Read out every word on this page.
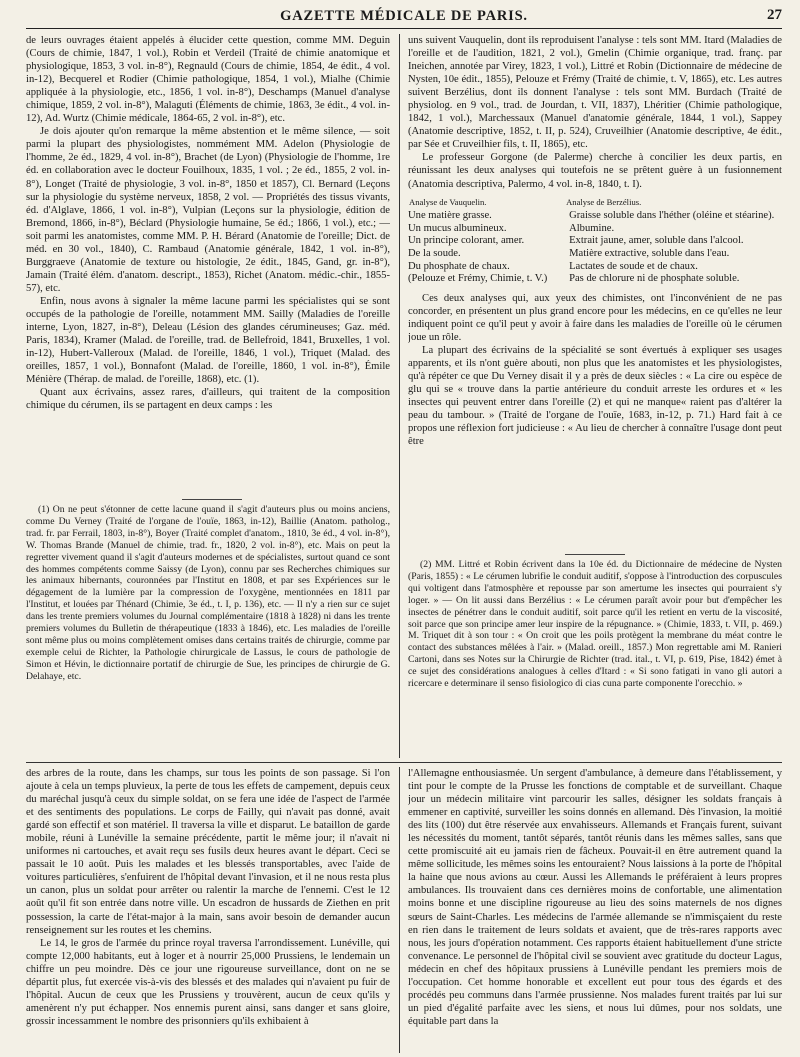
GAZETTE MÉDICALE DE PARIS.	27

de leurs ouvrages étaient appelés à élucider cette question, comme MM. Deguin (Cours de chimie, 1847, 1 vol.), Robin et Verdeil (Traité de chimie anatomique et physiologique, 1853, 3 vol. in-8°), Regnauld (Cours de chimie, 1854, 4e édit., 4 vol. in-12), Becquerel et Rodier (Chimie pathologique, 1854, 1 vol.), Mialhe (Chimie appliquée à la physiologie, etc., 1856, 1 vol. in-8°), Deschamps (Manuel d'analyse chimique, 1859, 2 vol. in-8°), Malaguti (Éléments de chimie, 1863, 3e édit., 4 vol. in-12), Ad. Wurtz (Chimie médicale, 1864-65, 2 vol. in-8°), etc.

Je dois ajouter qu'on remarque la même abstention et le même silence, — soit parmi la plupart des physiologistes, nommément MM. Adelon (Physiologie de l'homme, 2e éd., 1829, 4 vol. in-8°), Brachet (de Lyon) (Physiologie de l'homme, 1re éd. en collaboration avec le docteur Fouilhoux, 1835, 1 vol. ; 2e éd., 1855, 2 vol. in-8°), Longet (Traité de physiologie, 3 vol. in-8°, 1850 et 1857), Cl. Bernard (Leçons sur la physiologie du système nerveux, 1858, 2 vol. — Propriétés des tissus vivants, éd. d'Alglave, 1866, 1 vol. in-8°), Vulpian (Leçons sur la physiologie, édition de Bremond, 1866, in-8°), Béclard (Physiologie humaine, 5e éd.; 1866, 1 vol.), etc.; — soit parmi les anatomistes, comme MM. P. H. Bérard (Anatomie de l'oreille; Dict. de méd. en 30 vol., 1840), C. Rambaud (Anatomie générale, 1842, 1 vol. in-8°), Burggraeve (Anatomie de texture ou histologie, 2e édit., 1845, Gand, gr. in-8°), Jamain (Traité élém. d'anatom. descript., 1853), Richet (Anatom. médic.-chir., 1855-57), etc.

Enfin, nous avons à signaler la même lacune parmi les spécialistes qui se sont occupés de la pathologie de l'oreille, notamment MM. Sailly (Maladies de l'oreille interne, Lyon, 1827, in-8°), Deleau (Lésion des glandes cérumineuses; Gaz. méd. Paris, 1834), Kramer (Malad. de l'oreille, trad. de Bellefroid, 1841, Bruxelles, 1 vol. in-12), Hubert-Valleroux (Malad. de l'oreille, 1846, 1 vol.), Triquet (Malad. des oreilles, 1857, 1 vol.), Bonnafont (Malad. de l'oreille, 1860, 1 vol. in-8°), Émile Ménière (Thérap. de malad. de l'oreille, 1868), etc. (1).

Quant aux écrivains, assez rares, d'ailleurs, qui traitent de la composition chimique du cérumen, ils se partagent en deux camps : les

(1) On ne peut s'étonner de cette lacune quand il s'agit d'auteurs plus ou moins anciens, comme Du Verney (Traité de l'organe de l'ouïe, 1863, in-12), Baillie (Anatom. patholog., trad. fr. par Ferrail, 1803, in-8°), Boyer (Traité complet d'anatom., 1810, 3e éd., 4 vol. in-8°), W. Thomas Brande (Manuel de chimie, trad. fr., 1820, 2 vol. in-8°), etc. Mais on peut la regretter vivement quand il s'agit d'auteurs modernes et de spécialistes, surtout quand ce sont des hommes compétents comme Saissy (de Lyon), connu par ses Recherches chimiques sur les animaux hibernants, couronnées par l'Institut en 1808, et par ses Expériences sur le dégagement de la lumière par la compression de l'oxygène, mentionnées en 1811 par l'Institut, et louées par Thénard (Chimie, 3e éd., t. I, p. 136), etc. — Il n'y a rien sur ce sujet dans les trente premiers volumes du Journal complémentaire (1818 à 1828) ni dans les trente premiers volumes du Bulletin de thérapeutique (1833 à 1846), etc. Les maladies de l'oreille sont même plus ou moins complètement omises dans certains traités de chirurgie, comme par exemple celui de Richter, la Pathologie chirurgicale de Lassus, le cours de pathologie de Simon et Hévin, le dictionnaire portatif de chirurgie de Sue, les principes de chirurgie de G. Delahaye, etc.

uns suivent Vauquelin, dont ils reproduisent l'analyse : tels sont MM. Itard (Maladies de l'oreille et de l'audition, 1821, 2 vol.), Gmelin (Chimie organique, trad. franç. par Ineichen, annotée par Virey, 1823, 1 vol.), Littré et Robin (Dictionnaire de médecine de Nysten, 10e édit., 1855), Pelouze et Frémy (Traité de chimie, t. V, 1865), etc. Les autres suivent Berzélius, dont ils donnent l'analyse : tels sont MM. Burdach (Traité de physiolog. en 9 vol., trad. de Jourdan, t. VII, 1837), Lhéritier (Chimie pathologique, 1842, 1 vol.), Marchessaux (Manuel d'anatomie générale, 1844, 1 vol.), Sappey (Anatomie descriptive, 1852, t. II, p. 524), Cruveilhier (Anatomie descriptive, 4e édit., par Sée et Cruveilhier fils, t. II, 1865), etc.

Le professeur Gorgone (de Palerme) cherche à concilier les deux partis, en réunissant les deux analyses qui toutefois ne se prêtent guère à un fusionnement (Anatomia descriptiva, Palermo, 4 vol. in-8, 1840, t. I).

Analyse de Vauquelin.	Analyse de Berzélius.
Une matière grasse.	Graisse soluble dans l'héther (oléine et stéarine).
Un mucus albumineux.	Albumine.
Un principe colorant, amer.	Extrait jaune, amer, soluble dans l'alcool.
De la soude.	Matière extractive, soluble dans l'eau.
Du phosphate de chaux.	Lactates de soude et de chaux.
(Pelouze et Frémy, Chimie, t. V.)	Pas de chlorure ni de phosphate soluble.

Ces deux analyses qui, aux yeux des chimistes, ont l'inconvénient de ne pas concorder, en présentent un plus grand encore pour les médecins, en ce qu'elles ne leur indiquent point ce qu'il peut y avoir à faire dans les maladies de l'oreille où le cérumen joue un rôle.

La plupart des écrivains de la spécialité se sont évertués à expliquer ses usages apparents, et ils n'ont guère abouti, non plus que les anatomistes et les physiologistes, qu'à répéter ce que Du Verney disait il y a près de deux siècles : « La cire ou espèce de glu qui se « trouve dans la partie antérieure du conduit arreste les ordures et « les insectes qui peuvent entrer dans l'oreille (2) et qui ne manque« raient pas d'altérer la peau du tambour. » (Traité de l'organe de l'ouïe, 1683, in-12, p. 71.) Hard fait à ce propos une réflexion fort judicieuse : « Au lieu de chercher à connaître l'usage dont peut être

(2) MM. Littré et Robin écrivent dans la 10e éd. du Dictionnaire de médecine de Nysten (Paris, 1855) : « Le cérumen lubrifie le conduit auditif, s'oppose à l'introduction des corpuscules qui voltigent dans l'atmosphère et repousse par son amertume les insectes qui pourraient s'y loger. » — On lit aussi dans Berzélius : « Le cérumen paraît avoir pour but d'empêcher les insectes de pénétrer dans le conduit auditif, soit parce qu'il les retient en vertu de la viscosité, soit parce que son principe amer leur inspire de la répugnance. » (Chimie, 1833, t. VII, p. 469.) M. Triquet dit à son tour : « On croit que les poils protègent la membrane du méat contre le contact des substances mêlées à l'air. » (Malad. oreill., 1857.) Mon regrettable ami M. Ranieri Cartoni, dans ses Notes sur la Chirurgie de Richter (trad. ital., t. VI, p. 619, Pise, 1842) émet à ce sujet des considérations analogues à celles d'Itard : « Si sono fatigati in vano gli autori a ricercare e determinare il senso fisiologico di cias cuna parte componente l'orecchio. »

des arbres de la route, dans les champs, sur tous les points de son passage. Si l'on ajoute à cela un temps pluvieux, la perte de tous les effets de campement, depuis ceux du maréchal jusqu'à ceux du simple soldat, on se fera une idée de l'aspect de l'armée et des sentiments des populations. Le corps de Failly, qui n'avait pas donné, avait gardé son effectif et son matériel. Il traversa la ville et disparut. Le bataillon de garde mobile, réuni à Lunéville la semaine précédente, partit le même jour; il n'avait ni uniformes ni cartouches, et avait reçu ses fusils deux heures avant le départ. Ceci se passait le 10 août. Puis les malades et les blessés transportables, avec l'aide de voitures particulières, s'enfuirent de l'hôpital devant l'invasion, et il ne nous resta plus un canon, plus un soldat pour arrêter ou ralentir la marche de l'ennemi. C'est le 12 août qu'il fit son entrée dans notre ville. Un escadron de hussards de Ziethen en prit possession, la carte de l'état-major à la main, sans avoir besoin de demander aucun renseignement sur les routes et les chemins.

Le 14, le gros de l'armée du prince royal traversa l'arrondissement. Lunéville, qui compte 12,000 habitants, eut à loger et à nourrir 25,000 Prussiens, le lendemain un chiffre un peu moindre. Dès ce jour une rigoureuse surveillance, dont on ne se départit plus, fut exercée vis-à-vis des blessés et des malades qui n'avaient pu fuir de l'hôpital. Aucun de ceux que les Prussiens y trouvèrent, aucun de ceux qu'ils y amenèrent n'y put échapper. Nos ennemis purent ainsi, sans danger et sans gloire, grossir incessamment le nombre des prisonniers qu'ils exhibaient à

l'Allemagne enthousiasmée. Un sergent d'ambulance, à demeure dans l'établissement, y tint pour le compte de la Prusse les fonctions de comptable et de surveillant. Chaque jour un médecin militaire vint parcourir les salles, désigner les soldats français à emmener en captivité, surveiller les soins donnés en allemand. Dès l'invasion, la moitié des lits (100) dut être réservée aux envahisseurs. Allemands et Français furent, suivant les nécessités du moment, tantôt séparés, tantôt réunis dans les mêmes salles, sans que cette promiscuité ait eu jamais rien de fâcheux. Pouvait-il en être autrement quand la même sollicitude, les mêmes soins les entouraient? Nous laissions à la porte de l'hôpital la haine que nous avions au cœur. Aussi les Allemands le préféraient à leurs propres ambulances. Ils trouvaient dans ces dernières moins de confortable, une alimentation moins bonne et une discipline rigoureuse au lieu des soins maternels de nos dignes sœurs de Saint-Charles. Les médecins de l'armée allemande se n'immisçaient du reste en rien dans le traitement de leurs soldats et avaient, que de très-rares rapports avec nous, les jours d'opération notamment. Ces rapports étaient habituellement d'une stricte convenance. Le personnel de l'hôpital civil se souvient avec gratitude du docteur Lagus, médecin en chef des hôpitaux prussiens à Lunéville pendant les premiers mois de l'occupation. Cet homme honorable et excellent eut pour tous des égards et des procédés peu communs dans l'armée prussienne. Nos malades furent traités par lui sur un pied d'égalité parfaite avec les siens, et nous lui dûmes, pour nos soldats, une équitable part dans la
